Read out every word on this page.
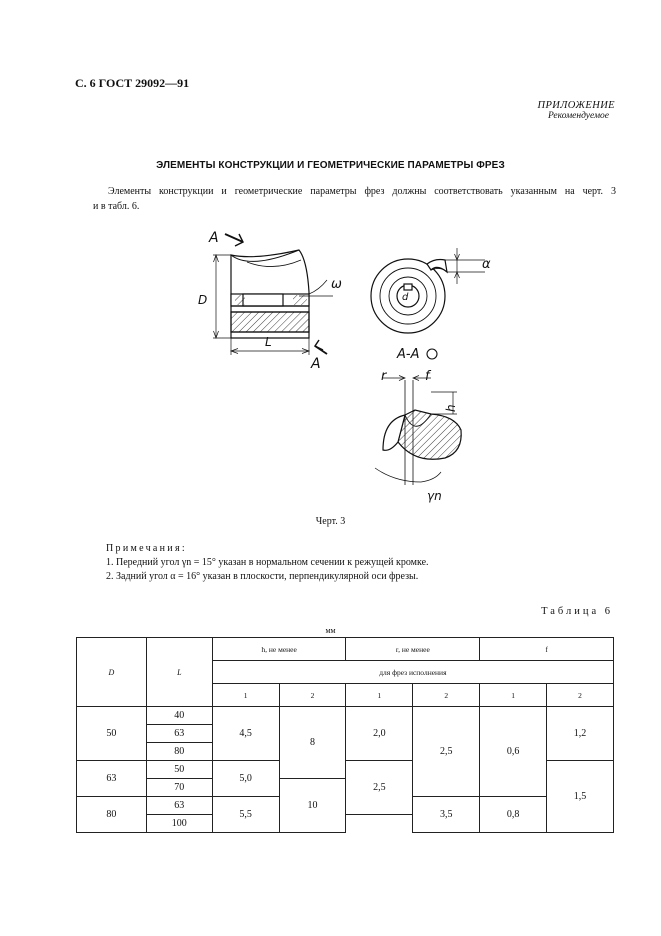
С. 6 ГОСТ 29092—91
ПРИЛОЖЕНИЕ
Рекомендуемое
ЭЛЕМЕНТЫ КОНСТРУКЦИИ И ГЕОМЕТРИЧЕСКИЕ ПАРАМЕТРЫ ФРЕЗ
Элементы конструкции и геометрические параметры фрез должны соответствовать указанным на черт. 3
и в табл. 6.
A
D
L
ω
A
d
α
A-A
r	f
h
γn
Черт. 3
Примечания:
1. Передний угол γn = 15° указан в нормальном сечении к режущей кромке.
2. Задний угол α = 16° указан в плоскости, перпендикулярной оси фрезы.
Таблица 6
мм
D	L	h, не менее		r, не менее		f	
		для фрез исполнения					
		1	2	1	2	1	2
50	40	4,5	8	2,0	2,5	0,6	1,2
	63						
	80						
63	50	5,0		2,5			1,5
	70		10				
80	63	5,5			3,5	0,8	
	100						
